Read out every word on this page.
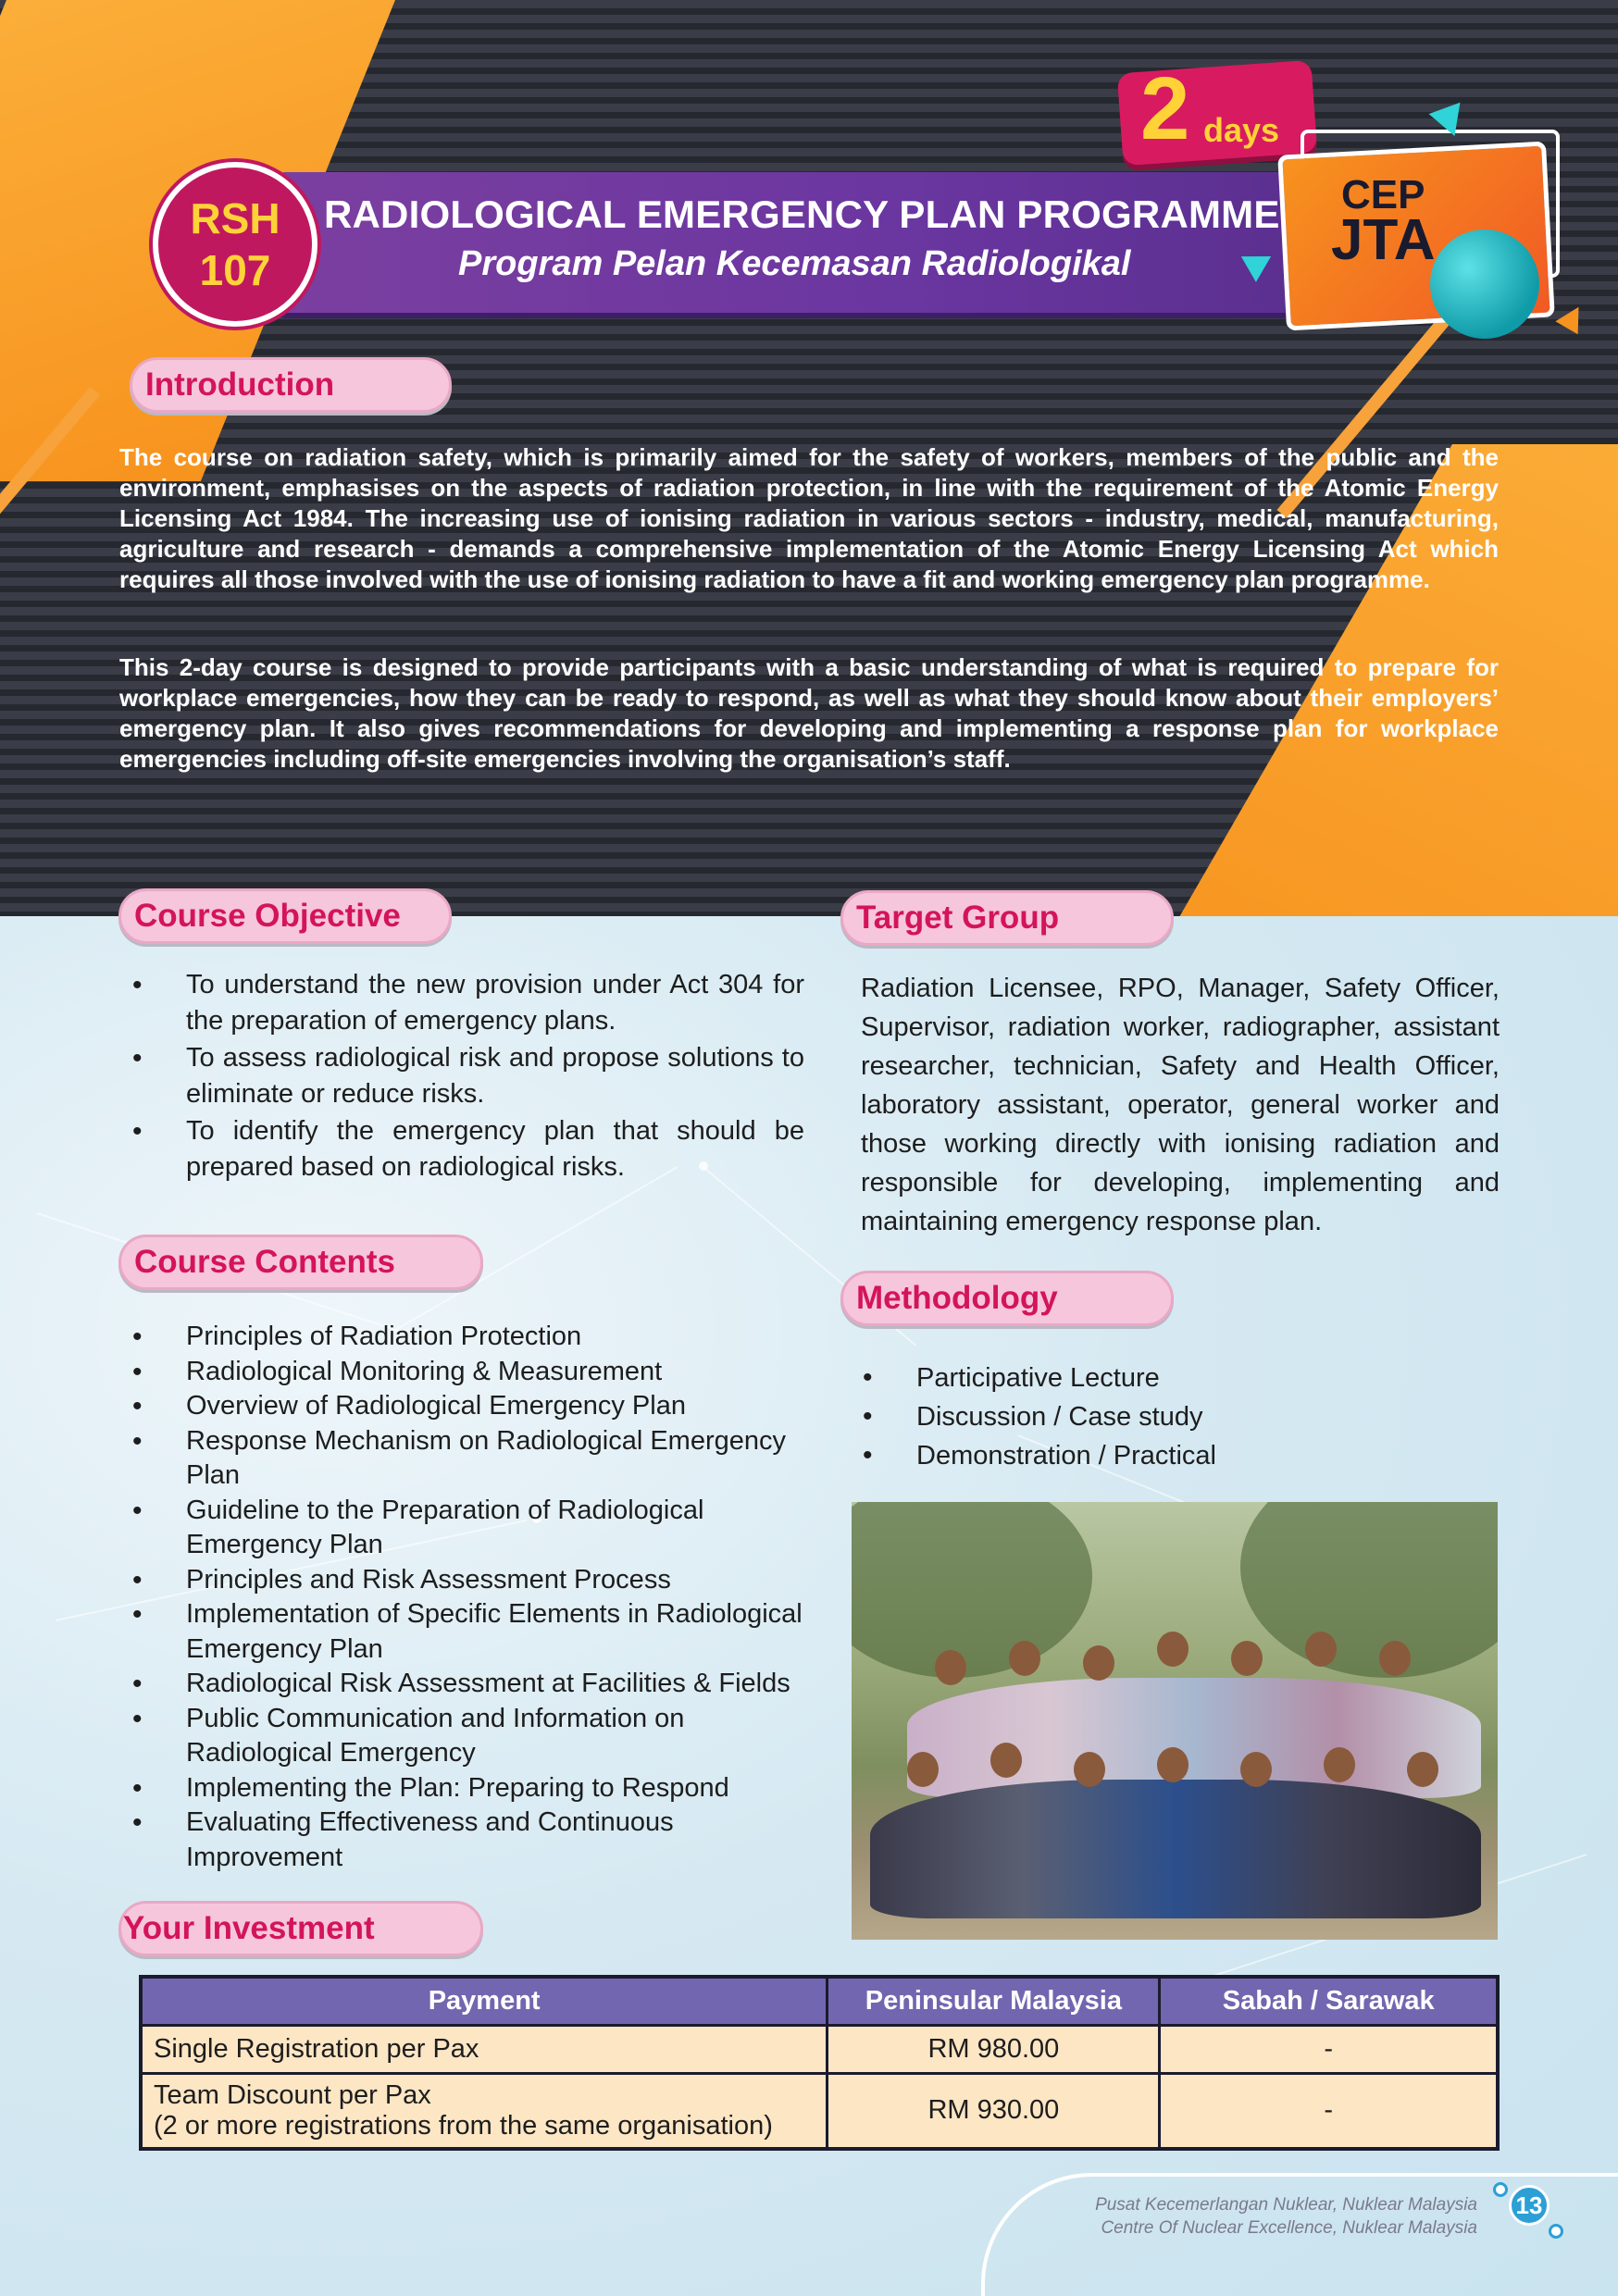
RADIOLOGICAL EMERGENCY PLAN PROGRAMME
Program Pelan Kecemasan Radiologikal
RSH
107
2 days
CEP
JTA
Introduction

The course on radiation safety, which is primarily aimed for the safety of workers, members of the public and the environment, emphasises on the aspects of radiation protection, in line with the requirement of the Atomic Energy Licensing Act 1984. The increasing use of ionising radiation in various sectors - industry, medical, manufacturing, agriculture and research - demands a comprehensive implementation of the Atomic Energy Licensing Act which requires all those involved with the use of ionising radiation to have a fit and working emergency plan programme.

This 2-day course is designed to provide participants with a basic understanding of what is required to prepare for workplace emergencies, how they can be ready to respond, as well as what they should know about their employers’ emergency plan. It also gives recommendations for developing and implementing a response plan for workplace emergencies including off-site emergencies involving the organisation’s staff.

Course Objective
• To understand the new provision under Act 304 for the preparation of emergency plans.
• To assess radiological risk and propose solutions to eliminate or reduce risks.
• To identify the emergency plan that should be prepared based on radiological risks.
Target Group

Radiation Licensee, RPO, Manager, Safety Officer, Supervisor, radiation worker, radiographer, assistant researcher, technician, Safety and Health Officer, laboratory assistant, operator, general worker and those working directly with ionising radiation and responsible for developing, implementing and maintaining emergency response plan.

Course Contents
• Principles of Radiation Protection
• Radiological Monitoring & Measurement
• Overview of Radiological Emergency Plan
• Response Mechanism on Radiological Emergency Plan
• Guideline to the Preparation of Radiological Emergency Plan
• Principles and Risk Assessment Process
• Implementation of Specific Elements in Radiological Emergency Plan
• Radiological Risk Assessment at Facilities & Fields
• Public Communication and Information on Radiological Emergency
• Implementing the Plan: Preparing to Respond
• Evaluating Effectiveness and Continuous Improvement
Methodology
• Participative Lecture
• Discussion / Case study
• Demonstration / Practical
Your Investment
Payment	Peninsular Malaysia	Sabah / Sarawak
Single Registration per Pax	RM 980.00	-

Team Discount per Pax
(2 or more registrations from the same organisation)	RM 930.00	-
Pusat Kecemerlangan Nuklear, Nuklear Malaysia
Centre Of Nuclear Excellence, Nuklear Malaysia
13
